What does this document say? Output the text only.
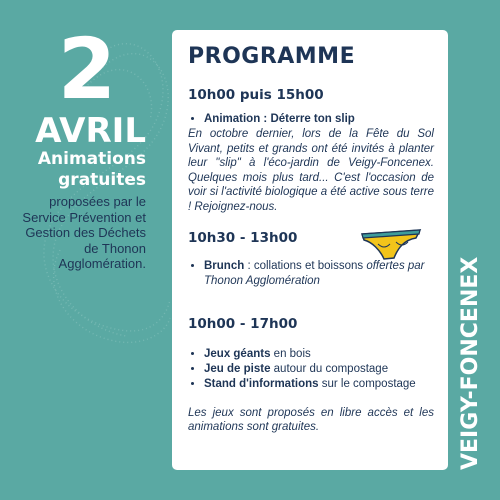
2
AVRIL
Animations
gratuites
proposées par le Service Prévention et Gestion des Déchets de Thonon Agglomération.
PROGRAMME
10h00 puis 15h00
• Animation : Déterre ton slip
En octobre dernier, lors de la Fête du Sol Vivant, petits et grands ont été invités à planter leur "slip" à l'éco-jardin de Veigy-Foncenex. Quelques mois plus tard... C'est l'occasion de voir si l'activité biologique a été active sous terre ! Rejoignez-nous.
10h30 - 13h00
• Brunch : collations et boissons offertes par Thonon Agglomération
10h00 - 17h00
• Jeux géants en bois
• Jeu de piste autour du compostage
• Stand d'informations sur le compostage
Les jeux sont proposés en libre accès et les animations sont gratuites.	VEIGY-FONCENEX
